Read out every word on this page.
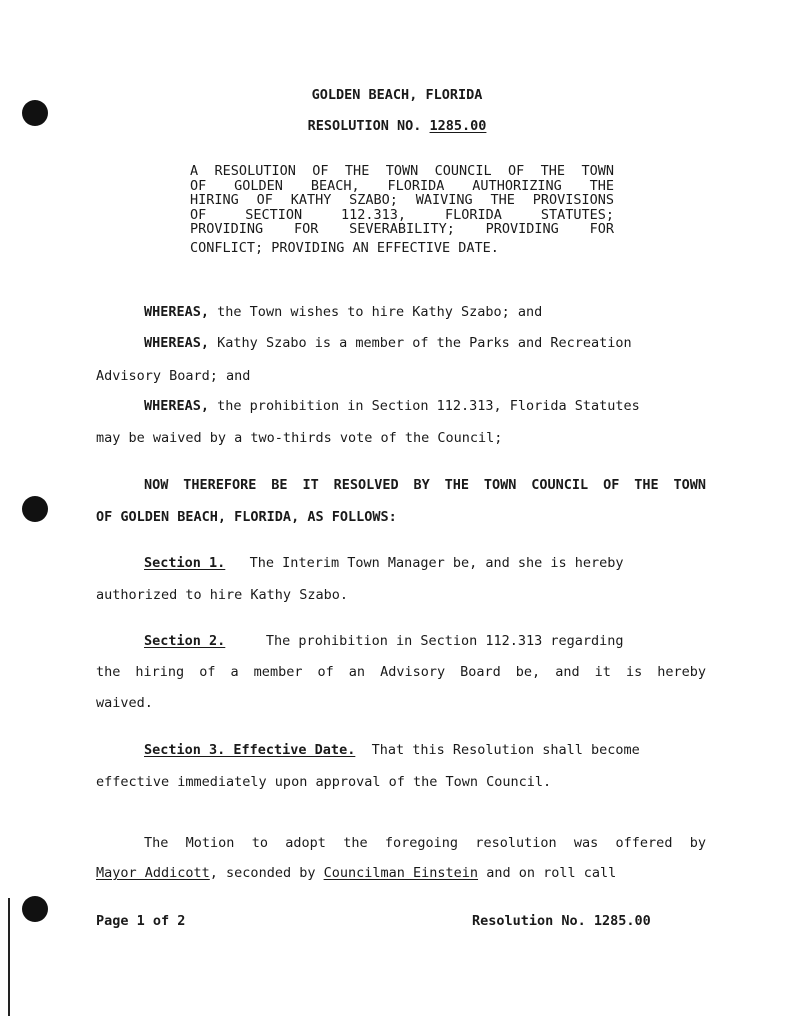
GOLDEN BEACH, FLORIDA
RESOLUTION NO. 1285.00
A RESOLUTION OF THE TOWN COUNCIL OF THE TOWN
OF GOLDEN BEACH, FLORIDA AUTHORIZING THE
HIRING OF KATHY SZABO; WAIVING THE PROVISIONS
OF SECTION 112.313, FLORIDA STATUTES;
PROVIDING FOR SEVERABILITY; PROVIDING FOR
CONFLICT; PROVIDING AN EFFECTIVE DATE.
WHEREAS, the Town wishes to hire Kathy Szabo; and
WHEREAS, Kathy Szabo is a member of the Parks and Recreation
Advisory Board; and
WHEREAS, the prohibition in Section 112.313, Florida Statutes
may be waived by a two-thirds vote of the Council;
NOW THEREFORE BE IT RESOLVED BY THE TOWN COUNCIL OF THE TOWN
OF GOLDEN BEACH, FLORIDA, AS FOLLOWS:
Section 1. The Interim Town Manager be, and she is hereby
authorized to hire Kathy Szabo.
Section 2.	The prohibition in Section 112.313 regarding
the hiring of a member of an Advisory Board be, and it is hereby
waived.
Section 3. Effective Date. That this Resolution shall become
effective immediately upon approval of the Town Council.
The Motion to adopt the foregoing resolution was offered by
Mayor Addicott, seconded by Councilman Einstein and on roll call
Page 1 of 2	Resolution No. 1285.00
